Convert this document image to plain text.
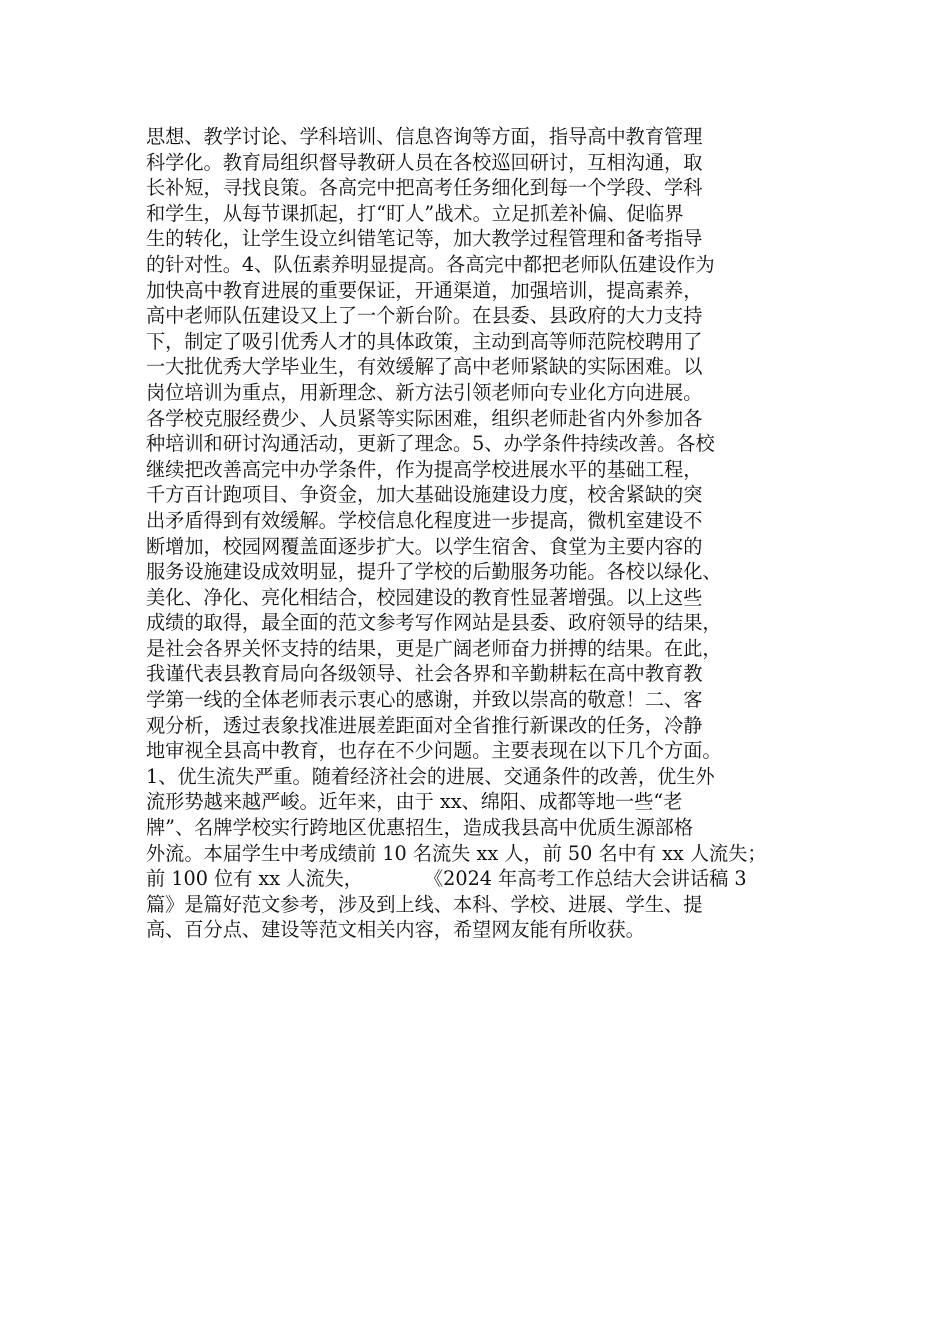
思想、教学讨论、学科培训、信息咨询等方面，指导高中教育管理
科学化。教育局组织督导教研人员在各校巡回研讨，互相沟通，取
长补短，寻找良策。各高完中把高考任务细化到每一个学段、学科
和学生，从每节课抓起，打“盯人”战术。立足抓差补偏、促临界
生的转化，让学生设立纠错笔记等，加大教学过程管理和备考指导
的针对性。4、队伍素养明显提高。各高完中都把老师队伍建设作为
加快高中教育进展的重要保证，开通渠道，加强培训，提高素养，
高中老师队伍建设又上了一个新台阶。在县委、县政府的大力支持
下，制定了吸引优秀人才的具体政策，主动到高等师范院校聘用了
一大批优秀大学毕业生，有效缓解了高中老师紧缺的实际困难。以
岗位培训为重点，用新理念、新方法引领老师向专业化方向进展。
各学校克服经费少、人员紧等实际困难，组织老师赴省内外参加各
种培训和研讨沟通活动，更新了理念。5、办学条件持续改善。各校
继续把改善高完中办学条件，作为提高学校进展水平的基础工程，
千方百计跑项目、争资金，加大基础设施建设力度，校舍紧缺的突
出矛盾得到有效缓解。学校信息化程度进一步提高，微机室建设不
断增加，校园网覆盖面逐步扩大。以学生宿舍、食堂为主要内容的
服务设施建设成效明显，提升了学校的后勤服务功能。各校以绿化、
美化、净化、亮化相结合，校园建设的教育性显著增强。以上这些
成绩的取得，最全面的范文参考写作网站是县委、政府领导的结果，
是社会各界关怀支持的结果，更是广阔老师奋力拼搏的结果。在此，
我谨代表县教育局向各级领导、社会各界和辛勤耕耘在高中教育教
学第一线的全体老师表示衷心的感谢，并致以崇高的敬意！二、客
观分析，透过表象找准进展差距面对全省推行新课改的任务，冷静
地审视全县高中教育，也存在不少问题。主要表现在以下几个方面。
1、优生流失严重。随着经济社会的进展、交通条件的改善，优生外
流形势越来越严峻。近年来，由于 xx、绵阳、成都等地一些“老
牌”、名牌学校实行跨地区优惠招生，造成我县高中优质生源部格
外流。本届学生中考成绩前 10 名流失 xx 人，前 50 名中有 xx 人流失；
前 100 位有 xx 人流失，          《2024 年高考工作总结大会讲话稿 3
篇》是篇好范文参考，涉及到上线、本科、学校、进展、学生、提
高、百分点、建设等范文相关内容，希望网友能有所收获。
